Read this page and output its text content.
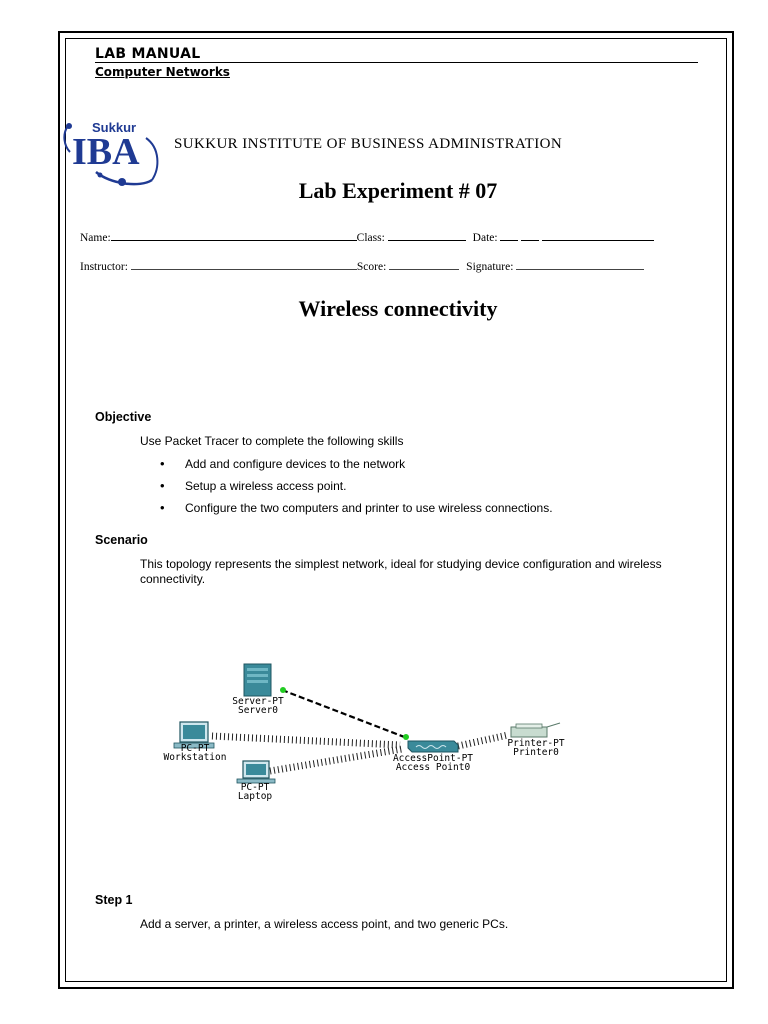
LAB MANUAL
Computer Networks
Sukkur
IBA SUKKUR INSTITUTE OF BUSINESS ADMINISTRATION
Lab Experiment # 07
Name:	Class:	Date:
Instructor:	Score:	Signature:
Wireless connectivity
Objective
Use Packet Tracer to complete the following skills
• Add and configure devices to the network
• Setup a wireless access point.
• Configure the two computers and printer to use wireless connections.
Scenario
This topology represents the simplest network, ideal for studying device configuration and wireless
connectivity.
Server-PT
Server0
PC-PT
Workstation
PC-PT
Laptop
AccessPoint-PT
Access Point0
Printer-PT
Printer0
Step 1
Add a server, a printer, a wireless access point, and two generic PCs.
